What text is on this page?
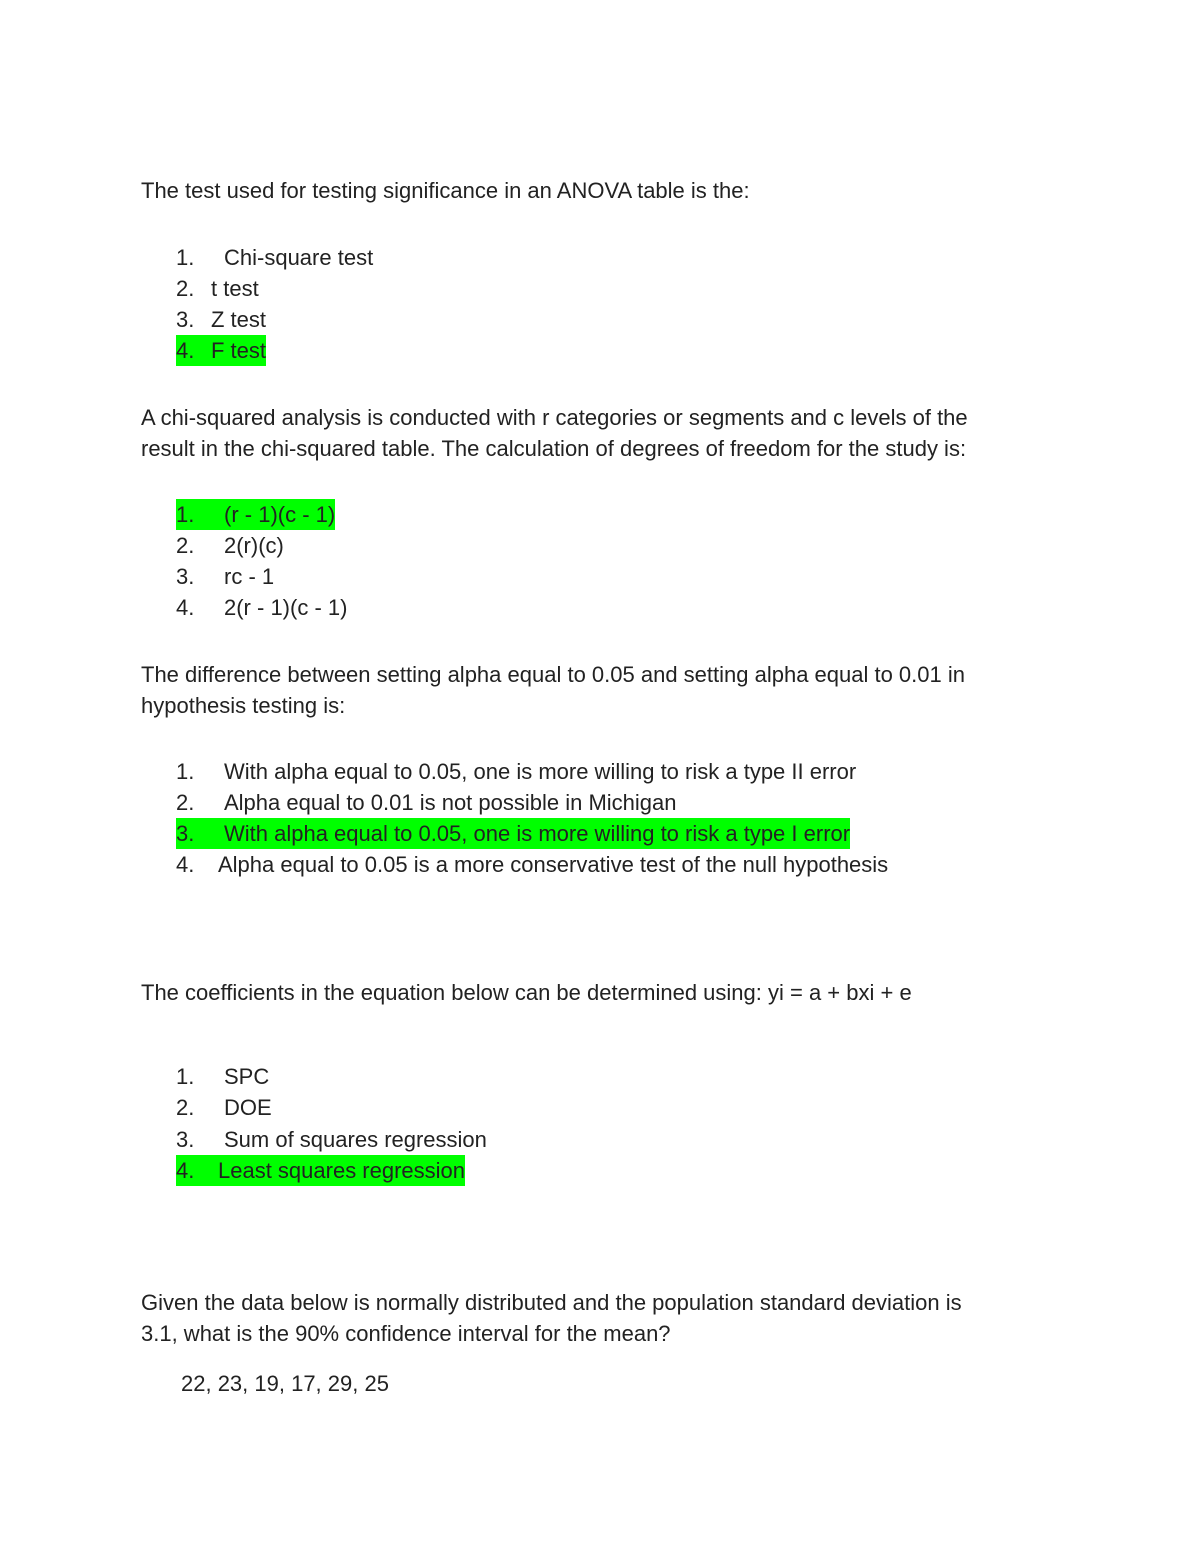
The test used for testing significance in an ANOVA table is the:
1. Chi-square test
2. t test
3. Z test
4. F test
A chi-squared analysis is conducted with r categories or segments and c levels of the
result in the chi-squared table. The calculation of degrees of freedom for the study is:
1. (r - 1)(c - 1)
2. 2(r)(c)
3. rc - 1
4. 2(r - 1)(c - 1)
The difference between setting alpha equal to 0.05 and setting alpha equal to 0.01 in
hypothesis testing is:
1. With alpha equal to 0.05, one is more willing to risk a type II error
2. Alpha equal to 0.01 is not possible in Michigan
3. With alpha equal to 0.05, one is more willing to risk a type I error
4. Alpha equal to 0.05 is a more conservative test of the null hypothesis
The coefficients in the equation below can be determined using: yi = a + bxi + e
1. SPC
2. DOE
3. Sum of squares regression
4. Least squares regression
Given the data below is normally distributed and the population standard deviation is
3.1, what is the 90% confidence interval for the mean?
22, 23, 19, 17, 29, 25
